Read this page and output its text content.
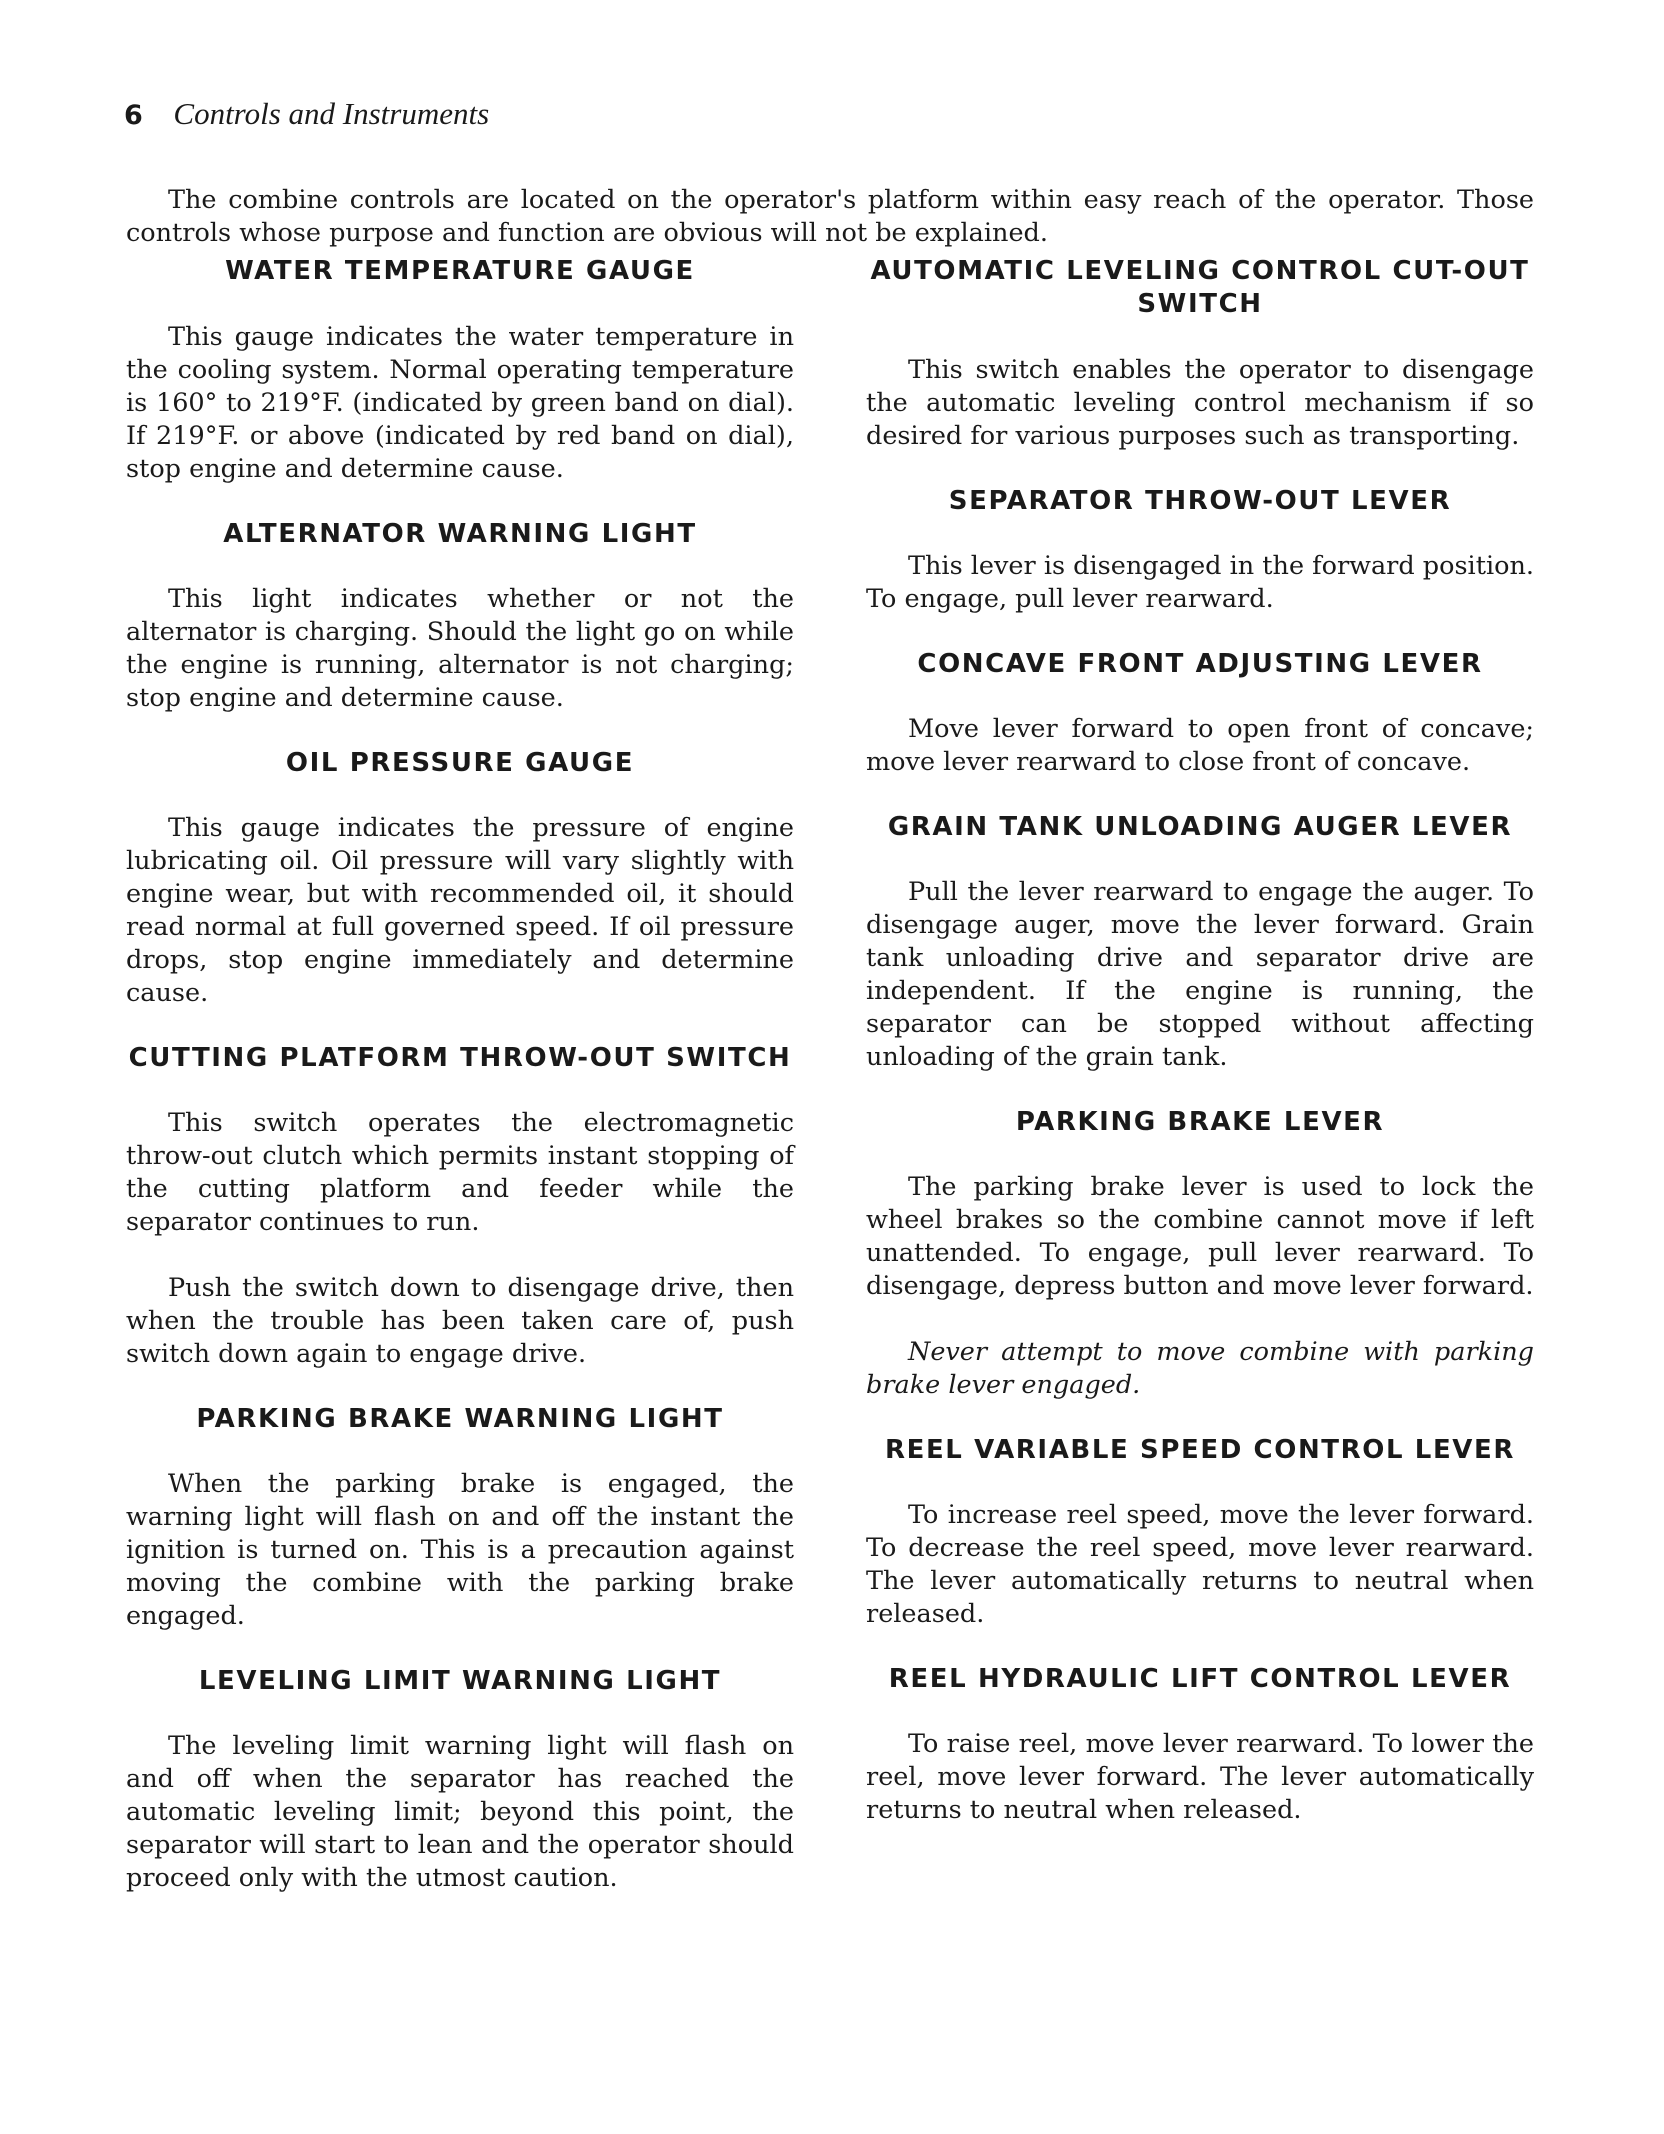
6 Controls and Instruments

The combine controls are located on the operator's platform within easy reach of the operator. Those controls whose purpose and function are obvious will not be explained.

WATER TEMPERATURE GAUGE

This gauge indicates the water temperature in the cooling system. Normal operating temperature is 160° to 219°F. (indicated by green band on dial). If 219°F. or above (indicated by red band on dial), stop engine and determine cause.

ALTERNATOR WARNING LIGHT

This light indicates whether or not the alternator is charging. Should the light go on while the engine is running, alternator is not charging; stop engine and determine cause.

OIL PRESSURE GAUGE

This gauge indicates the pressure of engine lubricating oil. Oil pressure will vary slightly with engine wear, but with recommended oil, it should read normal at full governed speed. If oil pressure drops, stop engine immediately and determine cause.

CUTTING PLATFORM THROW-OUT SWITCH

This switch operates the electromagnetic throw-out clutch which permits instant stopping of the cutting platform and feeder while the separator continues to run.

Push the switch down to disengage drive, then when the trouble has been taken care of, push switch down again to engage drive.

PARKING BRAKE WARNING LIGHT

When the parking brake is engaged, the warning light will flash on and off the instant the ignition is turned on. This is a precaution against moving the combine with the parking brake engaged.

LEVELING LIMIT WARNING LIGHT

The leveling limit warning light will flash on and off when the separator has reached the automatic leveling limit; beyond this point, the separator will start to lean and the operator should proceed only with the utmost caution.

AUTOMATIC LEVELING CONTROL CUT-OUT SWITCH

This switch enables the operator to disengage the automatic leveling control mechanism if so desired for various purposes such as transporting.

SEPARATOR THROW-OUT LEVER

This lever is disengaged in the forward position. To engage, pull lever rearward.

CONCAVE FRONT ADJUSTING LEVER

Move lever forward to open front of concave; move lever rearward to close front of concave.

GRAIN TANK UNLOADING AUGER LEVER

Pull the lever rearward to engage the auger. To disengage auger, move the lever forward. Grain tank unloading drive and separator drive are independent. If the engine is running, the separator can be stopped without affecting unloading of the grain tank.

PARKING BRAKE LEVER

The parking brake lever is used to lock the wheel brakes so the combine cannot move if left unattended. To engage, pull lever rearward. To disengage, depress button and move lever forward.

Never attempt to move combine with parking brake lever engaged.

REEL VARIABLE SPEED CONTROL LEVER

To increase reel speed, move the lever forward. To decrease the reel speed, move lever rearward. The lever automatically returns to neutral when released.

REEL HYDRAULIC LIFT CONTROL LEVER

To raise reel, move lever rearward. To lower the reel, move lever forward. The lever automatically returns to neutral when released.
